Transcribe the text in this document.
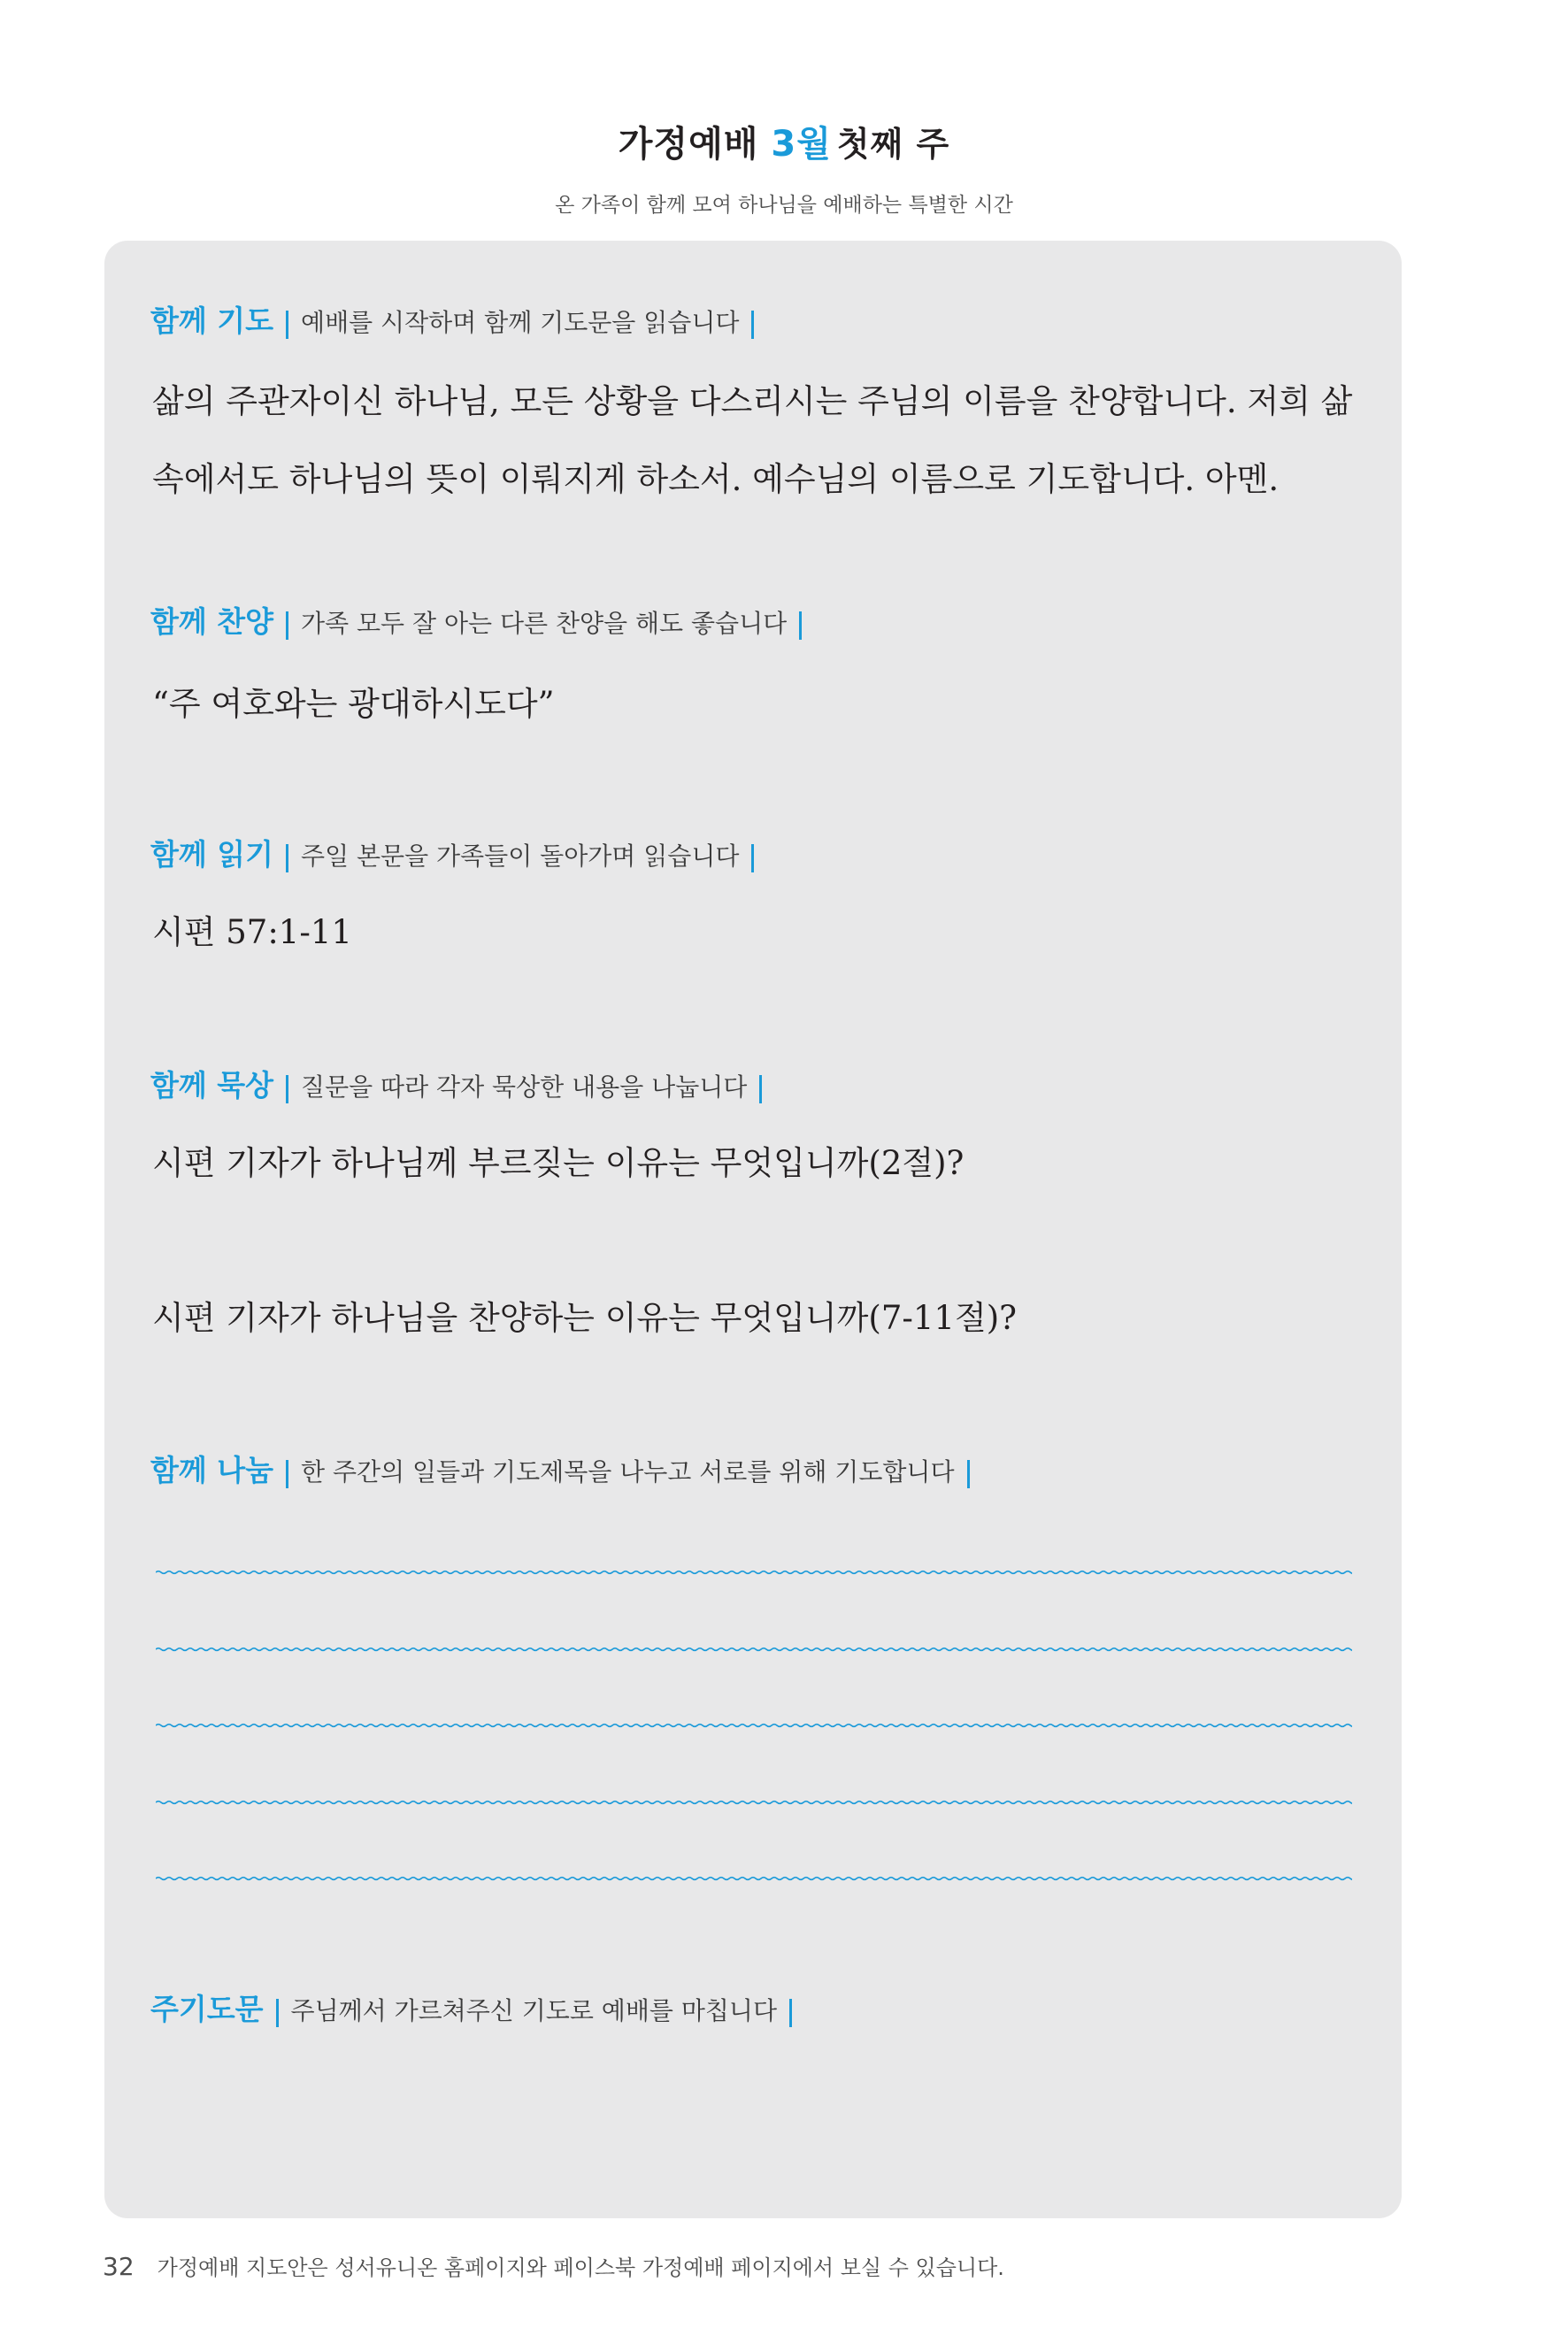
가정예배 3월 첫째 주
온 가족이 함께 모여 하나님을 예배하는 특별한 시간
함께 기도 예배를 시작하며 함께 기도문을 읽습니다
삶의 주관자이신 하나님, 모든 상황을 다스리시는 주님의 이름을 찬양합니다. 저희 삶
속에서도 하나님의 뜻이 이뤄지게 하소서. 예수님의 이름으로 기도합니다. 아멘.
함께 찬양 가족 모두 잘 아는 다른 찬양을 해도 좋습니다
“주 여호와는 광대하시도다”
함께 읽기 주일 본문을 가족들이 돌아가며 읽습니다
시편 57:1-11
함께 묵상 질문을 따라 각자 묵상한 내용을 나눕니다
시편 기자가 하나님께 부르짖는 이유는 무엇입니까(2절)?
시편 기자가 하나님을 찬양하는 이유는 무엇입니까(7-11절)?
함께 나눔 한 주간의 일들과 기도제목을 나누고 서로를 위해 기도합니다
주기도문 주님께서 가르쳐주신 기도로 예배를 마칩니다
32 가정예배 지도안은 성서유니온 홈페이지와 페이스북 가정예배 페이지에서 보실 수 있습니다.
